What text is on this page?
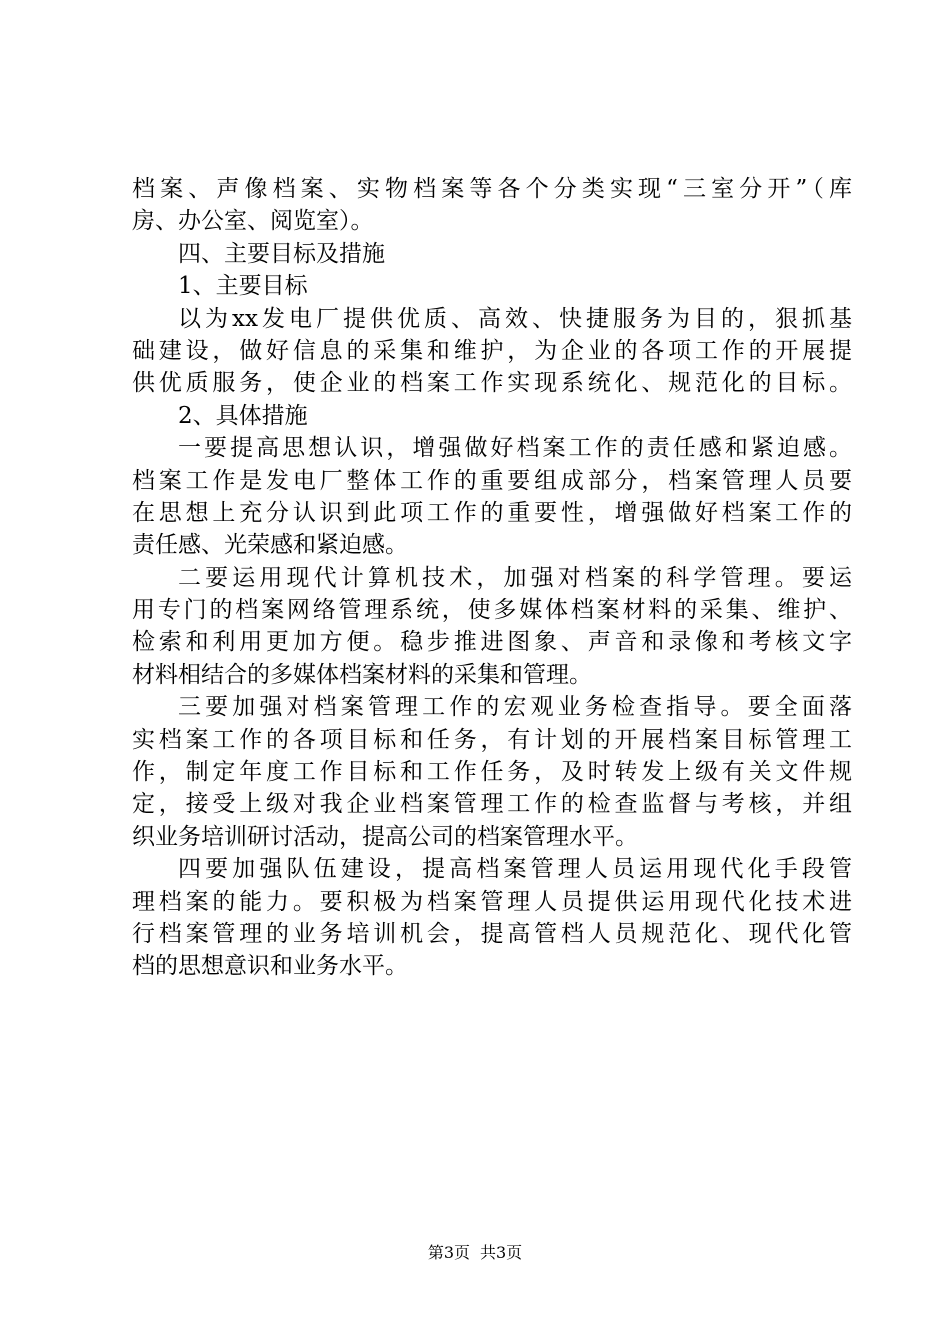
档案、声像档案、实物档案等各个分类实现“三室分开”（库
房、办公室、阅览室）。
四、主要目标及措施
1、主要目标
以为xx发电厂提供优质、高效、快捷服务为目的，狠抓基
础建设，做好信息的采集和维护，为企业的各项工作的开展提
供优质服务，使企业的档案工作实现系统化、规范化的目标。
2、具体措施
一要提高思想认识，增强做好档案工作的责任感和紧迫感。
档案工作是发电厂整体工作的重要组成部分，档案管理人员要
在思想上充分认识到此项工作的重要性，增强做好档案工作的
责任感、光荣感和紧迫感。
二要运用现代计算机技术，加强对档案的科学管理。要运
用专门的档案网络管理系统，使多媒体档案材料的采集、维护、
检索和利用更加方便。稳步推进图象、声音和录像和考核文字
材料相结合的多媒体档案材料的采集和管理。
三要加强对档案管理工作的宏观业务检查指导。要全面落
实档案工作的各项目标和任务，有计划的开展档案目标管理工
作，制定年度工作目标和工作任务，及时转发上级有关文件规
定，接受上级对我企业档案管理工作的检查监督与考核，并组
织业务培训研讨活动，提高公司的档案管理水平。
四要加强队伍建设，提高档案管理人员运用现代化手段管
理档案的能力。要积极为档案管理人员提供运用现代化技术进
行档案管理的业务培训机会，提高管档人员规范化、现代化管
档的思想意识和业务水平。
第3页 共3页
